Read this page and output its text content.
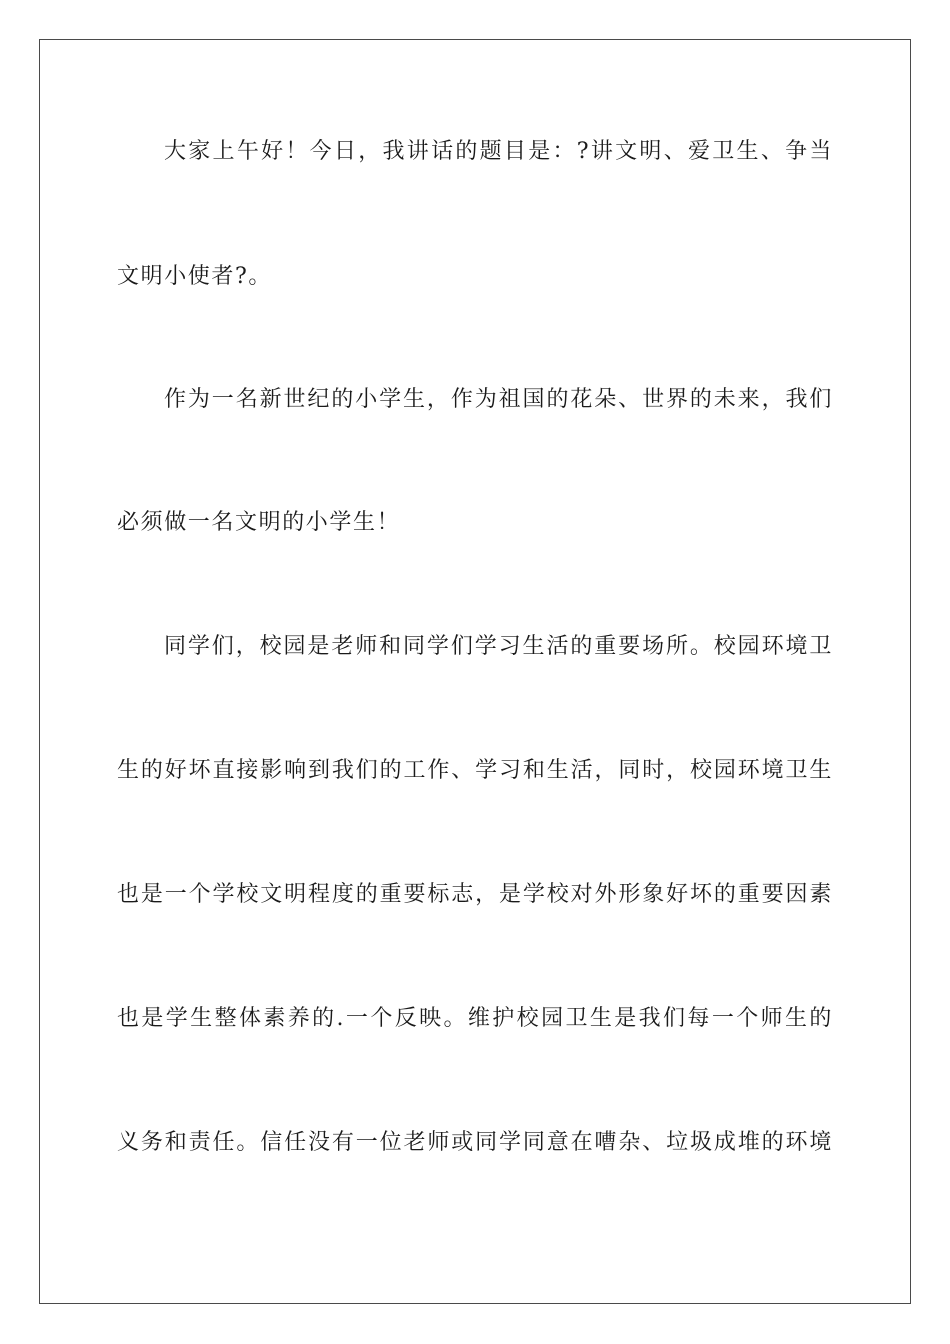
大家上午好！今日，我讲话的题目是：?讲文明、爱卫生、争当
文明小使者?。
作为一名新世纪的小学生，作为祖国的花朵、世界的未来，我们
必须做一名文明的小学生！
同学们，校园是老师和同学们学习生活的重要场所。校园环境卫
生的好坏直接影响到我们的工作、学习和生活，同时，校园环境卫生
也是一个学校文明程度的重要标志，是学校对外形象好坏的重要因素
也是学生整体素养的.一个反映。维护校园卫生是我们每一个师生的
义务和责任。信任没有一位老师或同学同意在嘈杂、垃圾成堆的环境
